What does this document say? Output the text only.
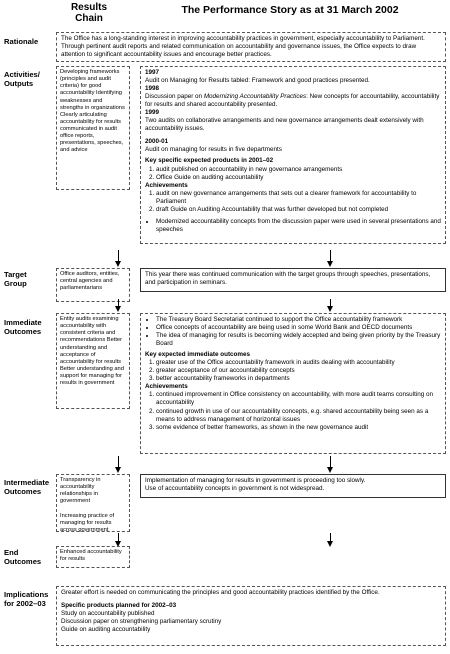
Results Chain
The Performance Story as at 31 March 2002
Rationale	The Office has a long-standing interest in improving accountability practices in government, especially accountability to Parliament. Through pertinent audit reports and related communication on accountability and governance issues, the Office expects to draw attention to significant accountability issues and encourage better practices.
Activities/ Outputs
Developing frameworks (principles and audit criteria) for good accountability Identifying weaknesses and strengths in organizations Clearly articulating accountability for results communicated in audit office reports, presentations, speeches, and advice
1997
Audit on Managing for Results tabled: Framework and good practices presented.
1998
Discussion paper on Modernizing Accountability Practices: New concepts for accountability, accountability for results and shared accountability presented.
1999
Two audits on collaborative arrangements and new governance arrangements dealt extensively with accountability issues.
2000-01
Audit on managing for results in five departments
Key specific expected products in 2001–02
1. audit published on accountability in new governance arrangements
2. Office Guide on auditing accountability
Achievements
1. audit on new governance arrangements that sets out a clearer framework for accountability to Parliament
2. draft Guide on Auditing Accountability that was further developed but not completed
• Modernized accountability concepts from the discussion paper were used in several presentations and speeches
Target Group
Office auditors, entities, central agencies and parliamentarians
This year there was continued communication with the target groups through speeches, presentations, and participation in seminars.
Immediate Outcomes
Entity audits examining accountability with consistent criteria and recommendations Better understanding and acceptance of accountability for results Better understanding and support for managing for results in government
• The Treasury Board Secretariat continued to support the Office accountability framework
• Office concepts of accountability are being used in some World Bank and OECD documents
• The idea of managing for results is becoming widely accepted and being given priority by the Treasury Board
Key expected immediate outcomes
1. greater use of the Office accountability framework in audits dealing with accountability
2. greater acceptance of our accountability concepts
3. better accountability frameworks in departments
Achievements
1. continued improvement in Office consistency on accountability, with more audit teams consulting on accountability
2. continued growth in use of our accountability concepts, e.g. shared accountability being seen as a means to address management of horizontal issues
3. some evidence of better frameworks, as shown in the new governance audit
Intermediate Outcomes
Transparency in accountability relationships in government
Increasing practice of managing for results across government
Implementation of managing for results in government is proceeding too slowly.
Use of accountability concepts in government is not widespread.
End Outcomes
Enhanced accountability for results
Implications for 2002–03
Greater effort is needed on communicating the principles and good accountability practices identified by the Office.
Specific products planned for 2002–03
Study on accountability published
Discussion paper on strengthening parliamentary scrutiny
Guide on auditing accountability
